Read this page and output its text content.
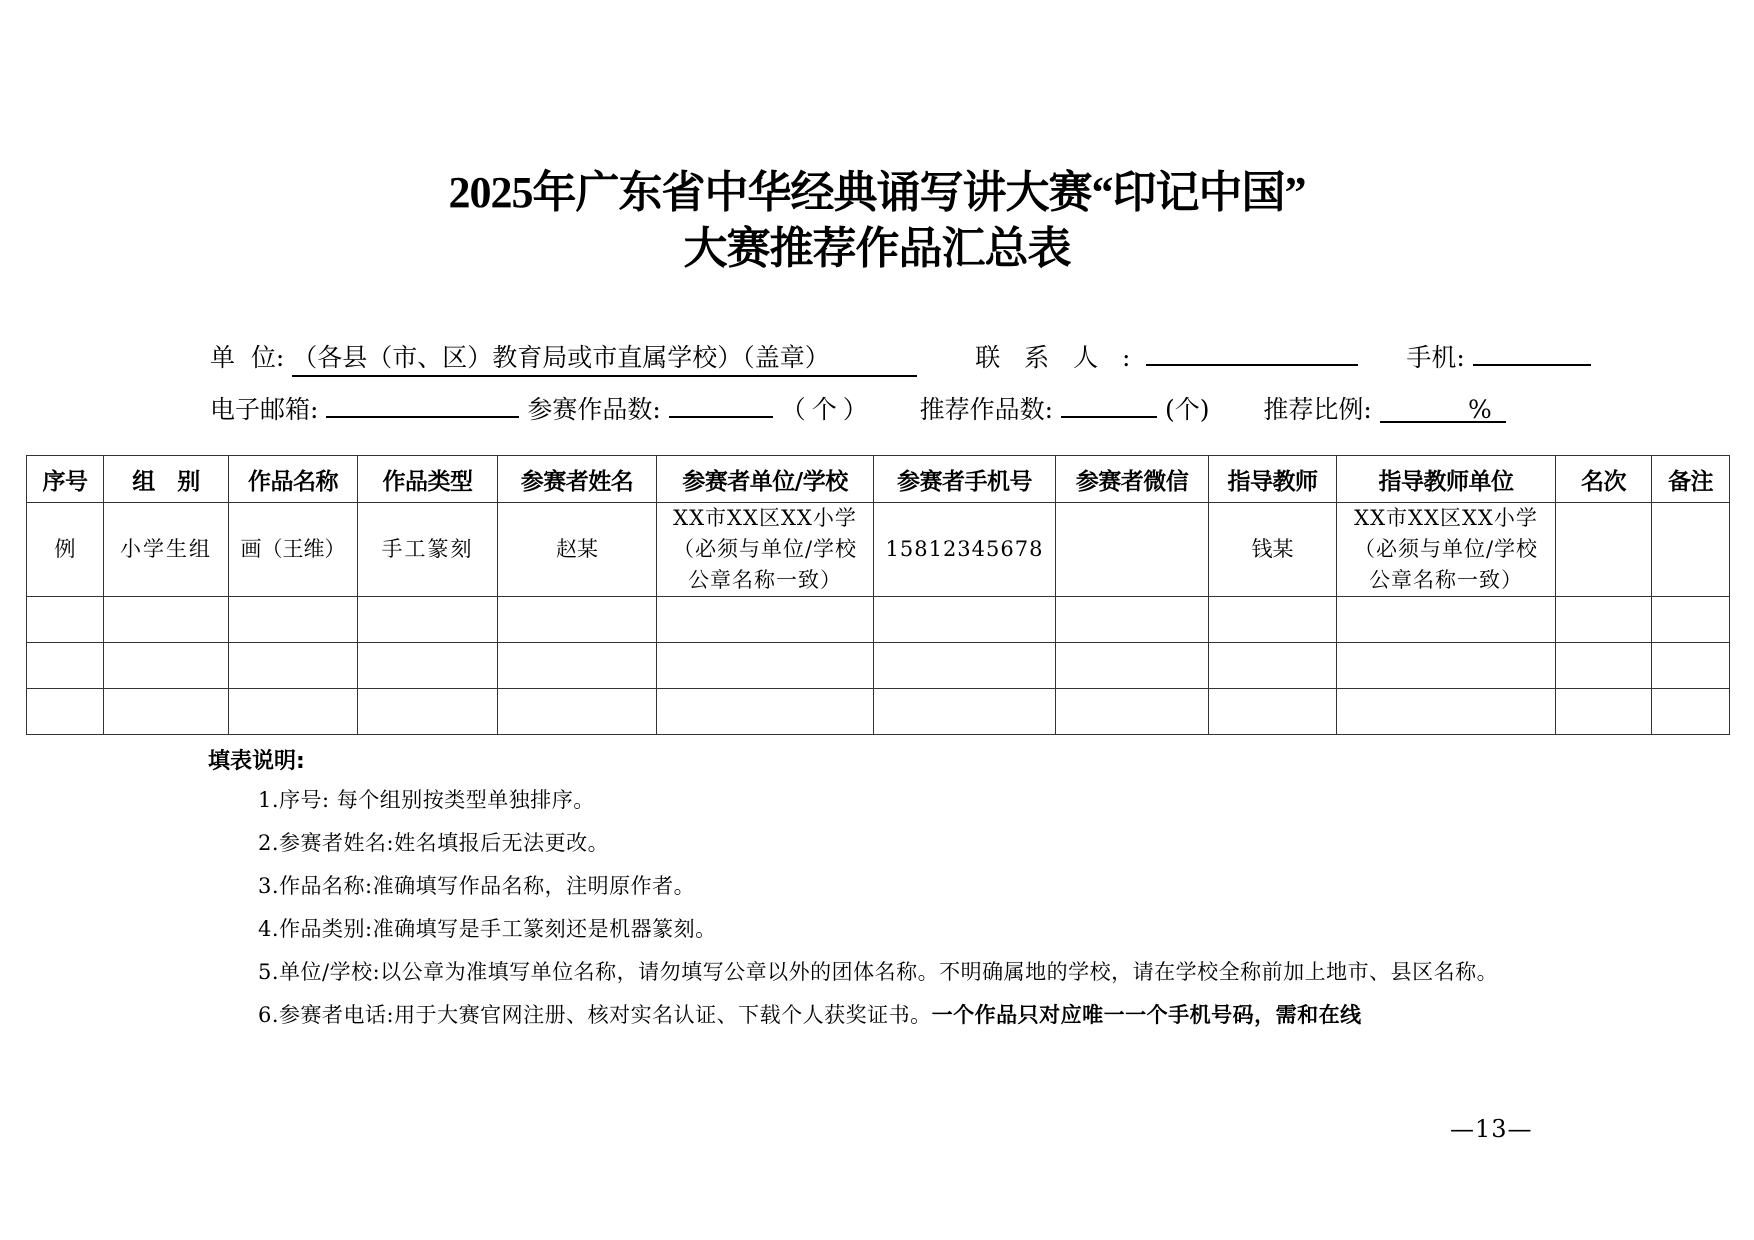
2025年广东省中华经典诵写讲大赛“印记中国”
大赛推荐作品汇总表
单  位: （各县（市、区）教育局或市直属学校）（盖章）	联 系 人 :	手机:
电子邮箱:	参赛作品数:	（个） 推荐作品数:	(个) 推荐比例:	%
序号	组　别	作品名称	作品类型	参赛者姓名	参赛者单位/学校	参赛者手机号	参赛者微信	指导教师	指导教师单位	名次	备注
例	小学生组	画（王维）	手工篆刻	赵某	XX市XX区XX小学（必须与单位/学校公章名称一致）	15812345678		钱某	XX市XX区XX小学（必须与单位/学校公章名称一致）		

填表说明:
1.序号: 每个组别按类型单独排序。
2.参赛者姓名:姓名填报后无法更改。
3.作品名称:准确填写作品名称，注明原作者。
4.作品类别:准确填写是手工篆刻还是机器篆刻。
5.单位/学校:以公章为准填写单位名称，请勿填写公章以外的团体名称。不明确属地的学校，请在学校全称前加上地市、县区名称。
6.参赛者电话:用于大赛官网注册、核对实名认证、下载个人获奖证书。一个作品只对应唯一一个手机号码，需和在线
—13—
